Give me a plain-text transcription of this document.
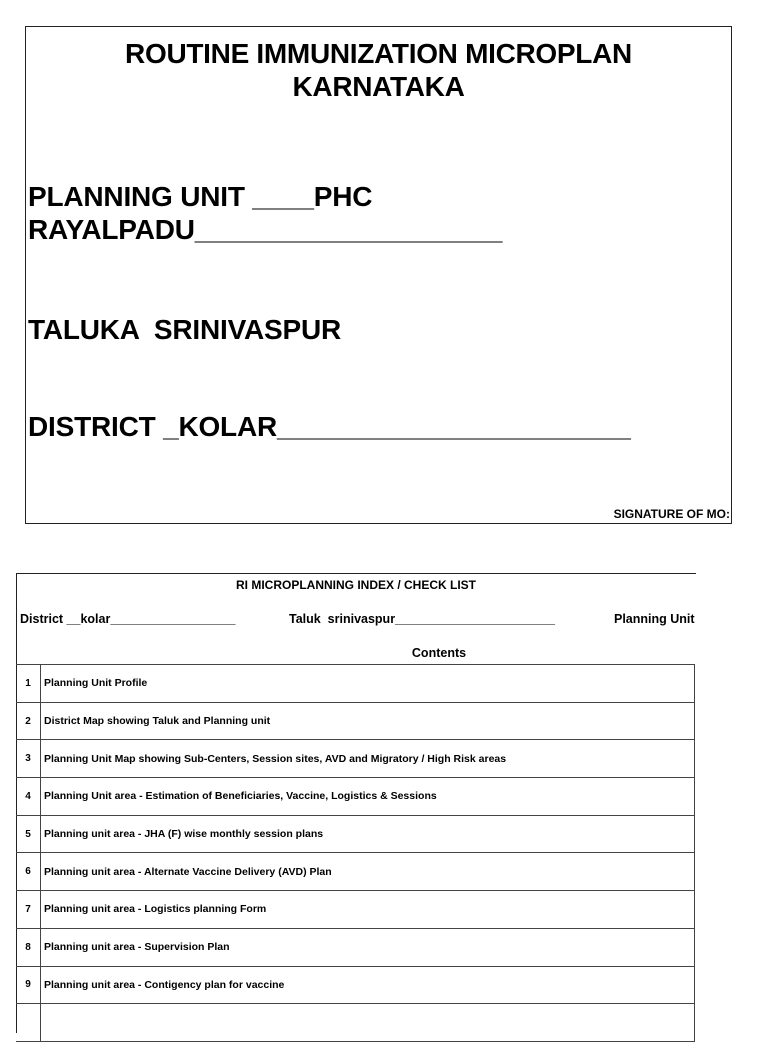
ROUTINE IMMUNIZATION MICROPLAN
KARNATAKA
PLANNING UNIT ____PHC
RAYALPADU____________________
TALUKA  SRINIVASPUR
DISTRICT _KOLAR_______________________
SIGNATURE OF MO:
RI MICROPLANNING INDEX / CHECK LIST
District __kolar__________________	Taluk  srinivaspur_______________________	Planning Unit
Contents
1	Planning Unit Profile
2	District Map showing Taluk and Planning unit
3	Planning Unit Map showing Sub-Centers, Session sites, AVD and Migratory / High Risk areas
4	Planning Unit area - Estimation of Beneficiaries, Vaccine, Logistics & Sessions
5	Planning unit area - JHA (F) wise monthly session plans
6	Planning unit area - Alternate Vaccine Delivery (AVD) Plan
7	Planning unit area - Logistics planning Form
8	Planning unit area - Supervision Plan
9	Planning unit area - Contigency plan for vaccine
